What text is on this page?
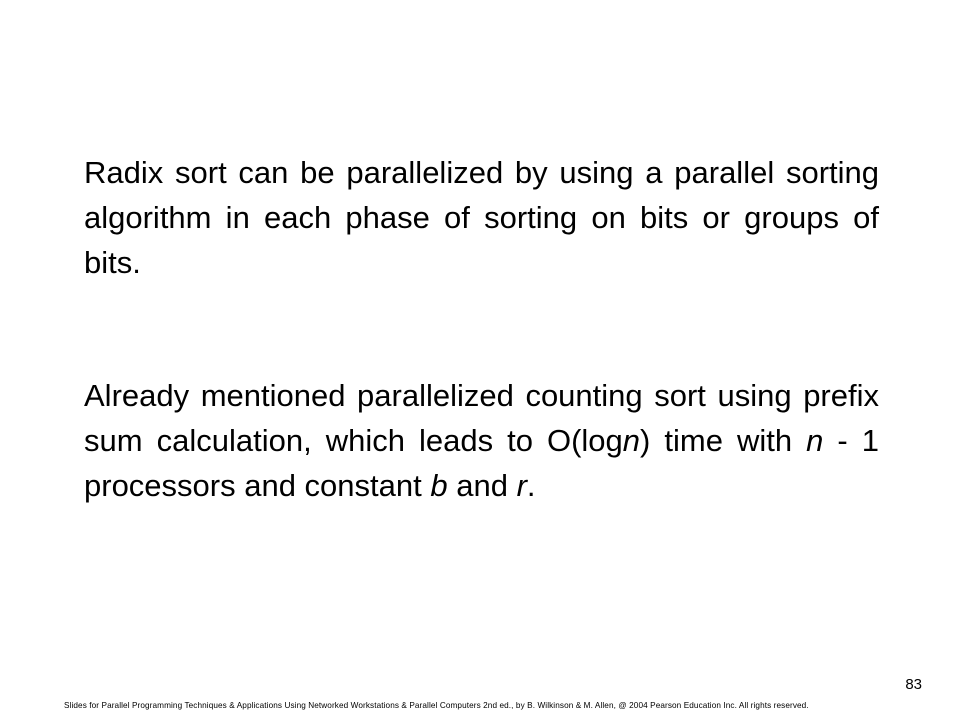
Radix sort can be parallelized by using a parallel sorting algorithm in each phase of sorting on bits or groups of bits.

Already mentioned parallelized counting sort using prefix sum calculation, which leads to O(logn) time with n - 1 processors and constant b and r.

83
Slides for Parallel Programming Techniques & Applications Using Networked Workstations & Parallel Computers 2nd ed., by B. Wilkinson & M. Allen, @ 2004 Pearson Education Inc. All rights reserved.
